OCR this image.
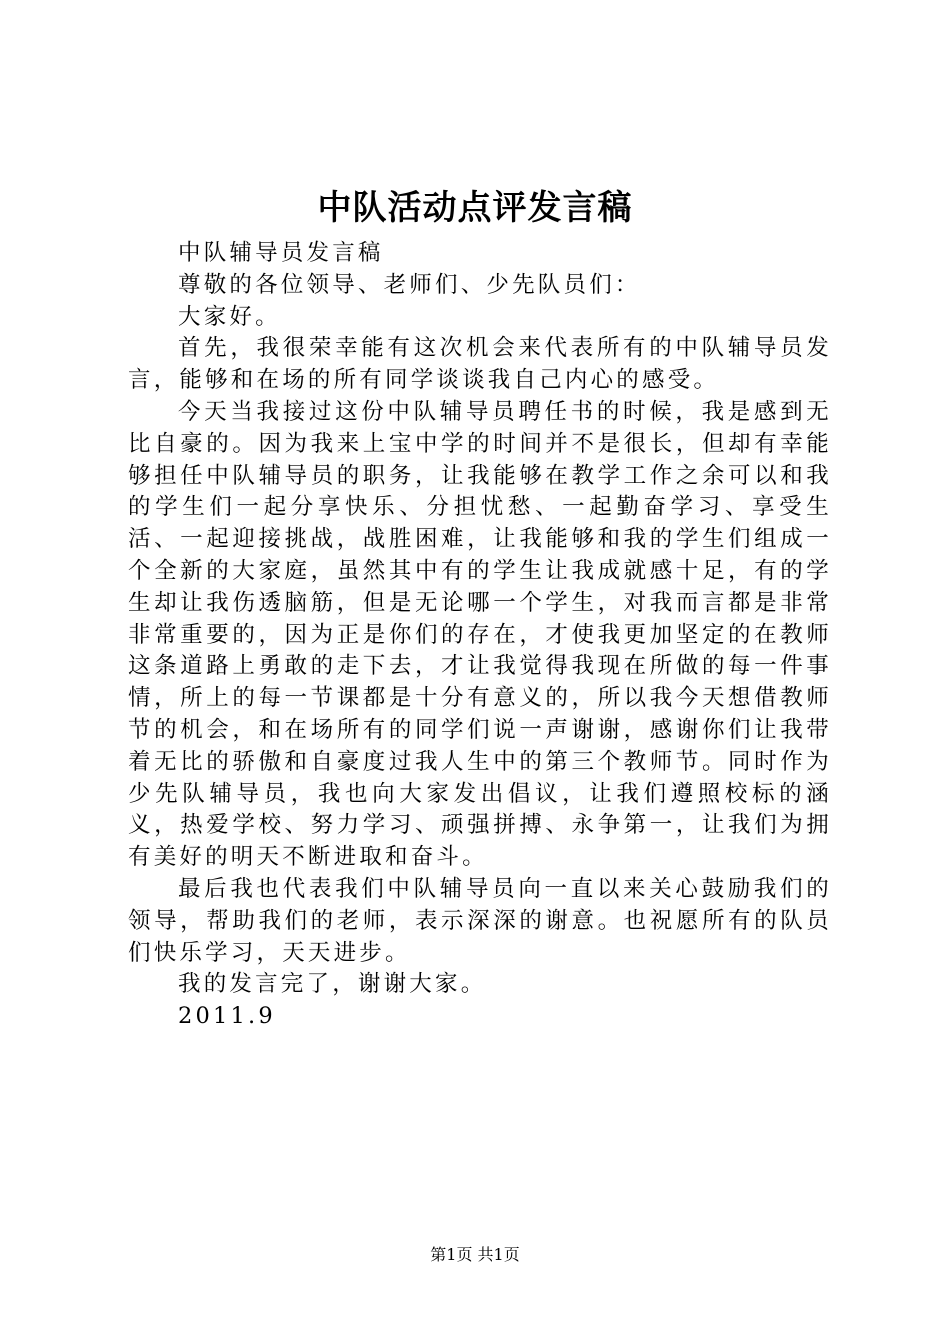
中队活动点评发言稿

中队辅导员发言稿

尊敬的各位领导、老师们、少先队员们：

大家好。

首先，我很荣幸能有这次机会来代表所有的中队辅导员发言，能够和在场的所有同学谈谈我自己内心的感受。

今天当我接过这份中队辅导员聘任书的时候，我是感到无比自豪的。因为我来上宝中学的时间并不是很长，但却有幸能够担任中队辅导员的职务，让我能够在教学工作之余可以和我的学生们一起分享快乐、分担忧愁、一起勤奋学习、享受生活、一起迎接挑战，战胜困难，让我能够和我的学生们组成一个全新的大家庭，虽然其中有的学生让我成就感十足，有的学生却让我伤透脑筋，但是无论哪一个学生，对我而言都是非常非常重要的，因为正是你们的存在，才使我更加坚定的在教师这条道路上勇敢的走下去，才让我觉得我现在所做的每一件事情，所上的每一节课都是十分有意义的，所以我今天想借教师节的机会，和在场所有的同学们说一声谢谢，感谢你们让我带着无比的骄傲和自豪度过我人生中的第三个教师节。同时作为少先队辅导员，我也向大家发出倡议，让我们遵照校标的涵义，热爱学校、努力学习、顽强拼搏、永争第一，让我们为拥有美好的明天不断进取和奋斗。

最后我也代表我们中队辅导员向一直以来关心鼓励我们的领导，帮助我们的老师，表示深深的谢意。也祝愿所有的队员们快乐学习，天天进步。

我的发言完了，谢谢大家。

2011.9

第1页 共1页
